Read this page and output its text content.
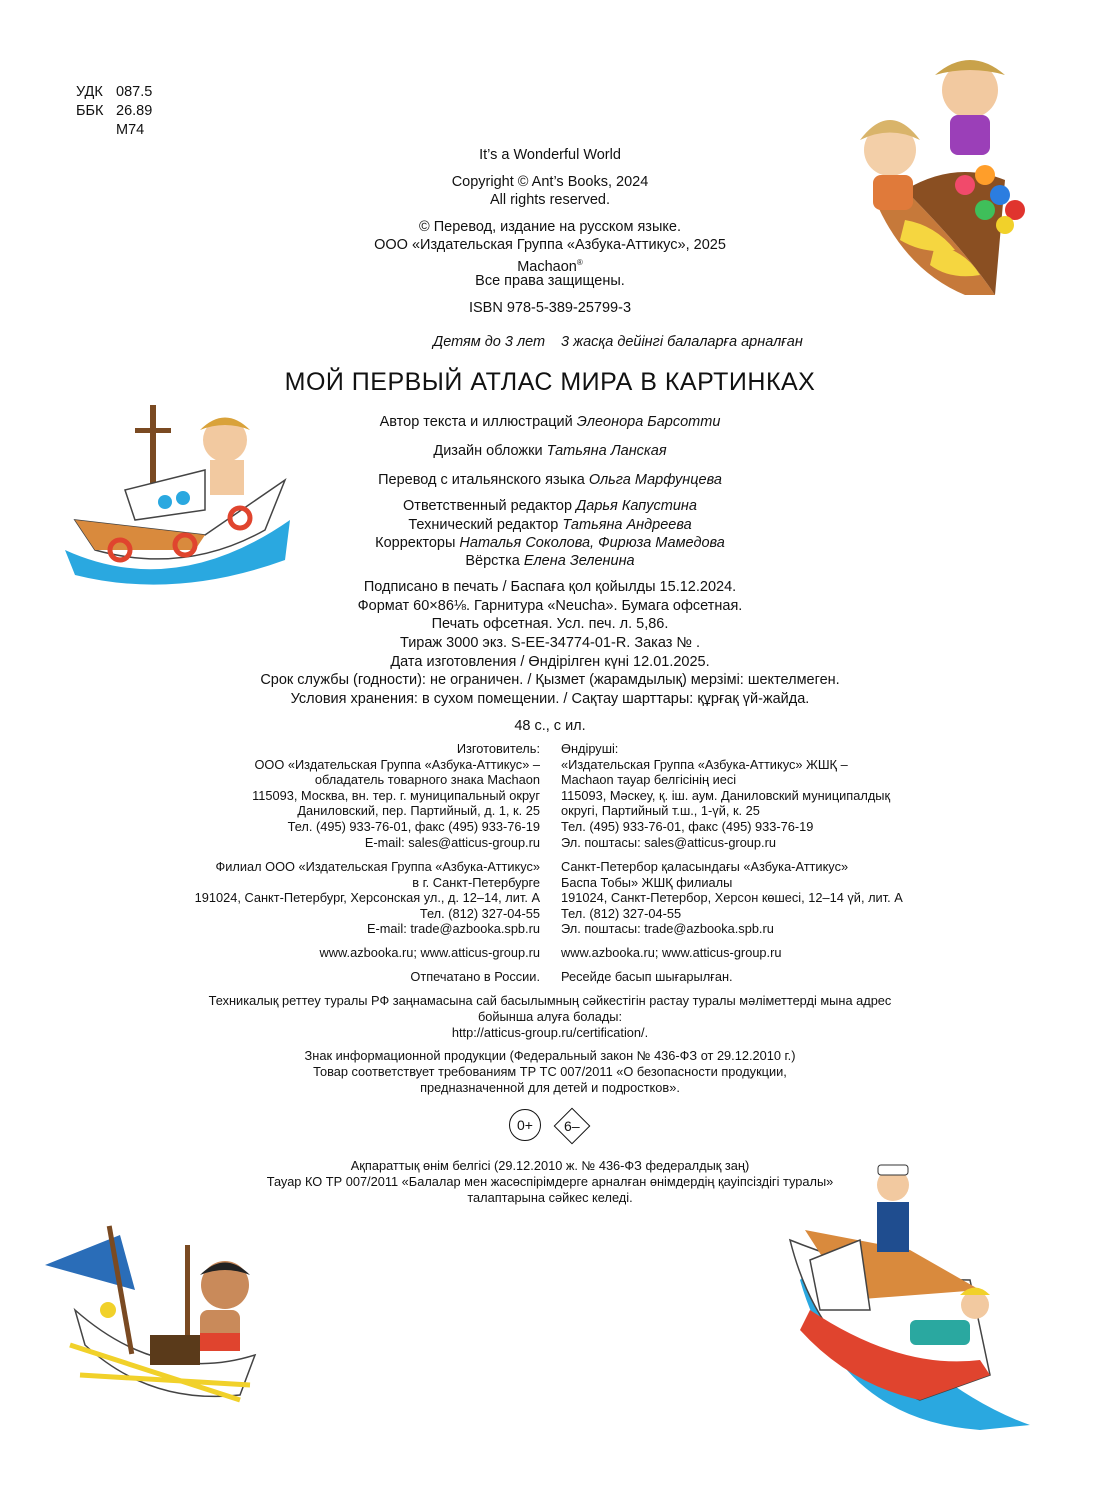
УДК 087.5
ББК 26.89
М74
It’s a Wonderful World
Copyright © Ant’s Books, 2024
All rights reserved.
© Перевод, издание на русском языке.
ООО «Издательская Группа «Азбука-Аттикус», 2025
Machaon®
Все права защищены.
ISBN 978-5-389-25799-3
Детям до 3 лет 3 жасқа дейінгі балаларға арналған
МОЙ ПЕРВЫЙ АТЛАС МИРА В КАРТИНКАХ
Автор текста и иллюстраций Элеонора Барсотти
Дизайн обложки Татьяна Ланская
Перевод с итальянского языка Ольга Марфунцева
Ответственный редактор Дарья Капустина
Технический редактор Татьяна Андреева
Корректоры Наталья Соколова, Фирюза Мамедова
Вёрстка Елена Зеленина
Подписано в печать / Баспаға қол қойылды 15.12.2024.
Формат 60×86⅛. Гарнитура «Neucha». Бумага офсетная.
Печать офсетная. Усл. печ. л. 5,86.
Тираж 3000 экз. S-EE-34774-01-R. Заказ № .
Дата изготовления / Өндірілген күні 12.01.2025.
Срок службы (годности): не ограничен. / Қызмет (жарамдылық) мерзімі: шектелмеген.
Условия хранения: в сухом помещении. / Сақтау шарттары: құрғақ үй-жайда.
48 с., с ил.
Изготовитель:
ООО «Издательская Группа «Азбука-Аттикус» –
обладатель товарного знака Machaon
115093, Москва, вн. тер. г. муниципальный округ
Даниловский, пер. Партийный, д. 1, к. 25
Тел. (495) 933-76-01, факс (495) 933-76-19
E-mail: sales@atticus-group.ru
Өндіруші:
«Издательская Группа «Азбука-Аттикус» ЖШҚ –
Machaon тауар белгісінің иесі
115093, Мәскеу, қ. іш. аум. Даниловский муниципалдық
округі, Партийный т.ш., 1-үй, к. 25
Тел. (495) 933-76-01, факс (495) 933-76-19
Эл. поштасы: sales@atticus-group.ru
Филиал ООО «Издательская Группа «Азбука-Аттикус»
в г. Санкт-Петербурге
191024, Санкт-Петербург, Херсонская ул., д. 12–14, лит. А
Тел. (812) 327-04-55
E-mail: trade@azbooka.spb.ru
Санкт-Петербор қаласындағы «Азбука-Аттикус»
Баспа Тобы» ЖШҚ филиалы
191024, Санкт-Петербор, Херсон көшесі, 12–14 үй, лит. А
Тел. (812) 327-04-55
Эл. поштасы: trade@azbooka.spb.ru
www.azbooka.ru; www.atticus-group.ru www.azbooka.ru; www.atticus-group.ru
Отпечатано в России. Ресейде басып шығарылған.
Техникалық реттеу туралы РФ заңнамасына сай басылымның сәйкестігін растау туралы мәліметтерді мына адрес
бойынша алуға болады:
http://atticus-group.ru/certification/.
Знак информационной продукции (Федеральный закон № 436-ФЗ от 29.12.2010 г.)
Товар соответствует требованиям ТР ТС 007/2011 «О безопасности продукции,
предназначенной для детей и подростков».
0+ 6–
Ақпараттық өнім белгісі (29.12.2010 ж. № 436-ФЗ федералдық заң)
Тауар КО ТР 007/2011 «Балалар мен жасөспірімдерге арналған өнімдердің қауіпсіздігі туралы»
талаптарына сәйкес келеді.
